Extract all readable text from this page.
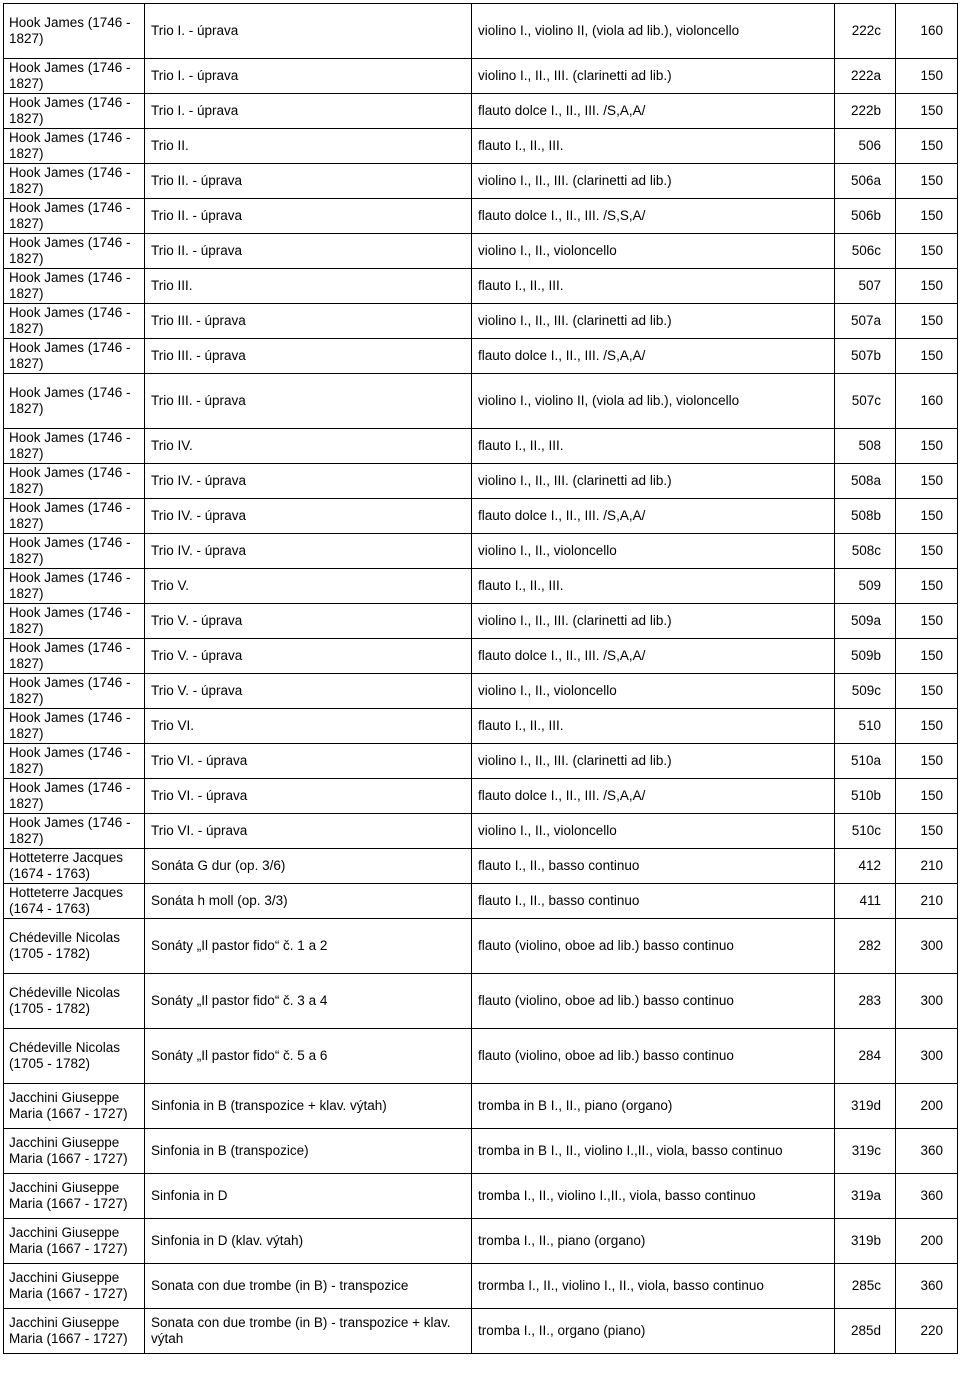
Hook James (1746 - 1827)	Trio I. - úprava	violino I., violino II, (viola ad lib.), violoncello	222c	160
Hook James (1746 - 1827)	Trio I. - úprava	violino I., II., III. (clarinetti ad lib.)	222a	150
Hook James (1746 - 1827)	Trio I. - úprava	flauto dolce I., II., III. /S,A,A/	222b	150
Hook James (1746 - 1827)	Trio II.	flauto I., II., III.	506	150
Hook James (1746 - 1827)	Trio II. - úprava	violino I., II., III. (clarinetti ad lib.)	506a	150
Hook James (1746 - 1827)	Trio II. - úprava	flauto dolce I., II., III. /S,S,A/	506b	150
Hook James (1746 - 1827)	Trio II. - úprava	violino I., II., violoncello	506c	150
Hook James (1746 - 1827)	Trio III.	flauto I., II., III.	507	150
Hook James (1746 - 1827)	Trio III. - úprava	violino I., II., III. (clarinetti ad lib.)	507a	150
Hook James (1746 - 1827)	Trio III. - úprava	flauto dolce I., II., III. /S,A,A/	507b	150
Hook James (1746 - 1827)	Trio III. - úprava	violino I., violino II, (viola ad lib.), violoncello	507c	160
Hook James (1746 - 1827)	Trio IV.	flauto I., II., III.	508	150
Hook James (1746 - 1827)	Trio IV. - úprava	violino I., II., III. (clarinetti ad lib.)	508a	150
Hook James (1746 - 1827)	Trio IV. - úprava	flauto dolce I., II., III. /S,A,A/	508b	150
Hook James (1746 - 1827)	Trio IV. - úprava	violino I., II., violoncello	508c	150
Hook James (1746 - 1827)	Trio V.	flauto I., II., III.	509	150
Hook James (1746 - 1827)	Trio V. - úprava	violino I., II., III. (clarinetti ad lib.)	509a	150
Hook James (1746 - 1827)	Trio V. - úprava	flauto dolce I., II., III. /S,A,A/	509b	150
Hook James (1746 - 1827)	Trio V. - úprava	violino I., II., violoncello	509c	150
Hook James (1746 - 1827)	Trio VI.	flauto I., II., III.	510	150
Hook James (1746 - 1827)	Trio VI. - úprava	violino I., II., III. (clarinetti ad lib.)	510a	150
Hook James (1746 - 1827)	Trio VI. - úprava	flauto dolce I., II., III. /S,A,A/	510b	150
Hook James (1746 - 1827)	Trio VI. - úprava	violino I., II., violoncello	510c	150
Hotteterre Jacques (1674 - 1763)	Sonáta G dur (op. 3/6)	flauto I., II., basso continuo	412	210
Hotteterre Jacques (1674 - 1763)	Sonáta h moll (op. 3/3)	flauto I., II., basso continuo	411	210
Chédeville Nicolas (1705 - 1782)	Sonáty „Il pastor fido“ č. 1 a 2	flauto (violino, oboe ad lib.) basso continuo	282	300
Chédeville Nicolas (1705 - 1782)	Sonáty „Il pastor fido“ č. 3 a 4	flauto (violino, oboe ad lib.) basso continuo	283	300
Chédeville Nicolas (1705 - 1782)	Sonáty „Il pastor fido“ č. 5 a 6	flauto (violino, oboe ad lib.) basso continuo	284	300
Jacchini Giuseppe Maria (1667 - 1727)	Sinfonia in B (transpozice + klav. výtah)	tromba in B I., II., piano (organo)	319d	200
Jacchini Giuseppe Maria (1667 - 1727)	Sinfonia in B (transpozice)	tromba in B I., II., violino I.,II., viola, basso continuo	319c	360
Jacchini Giuseppe Maria (1667 - 1727)	Sinfonia in D	tromba I., II., violino I.,II., viola, basso continuo	319a	360
Jacchini Giuseppe Maria (1667 - 1727)	Sinfonia in D (klav. výtah)	tromba I., II., piano (organo)	319b	200
Jacchini Giuseppe Maria (1667 - 1727)	Sonata con due trombe (in B) - transpozice	trormba I., II., violino I., II., viola, basso continuo	285c	360
Jacchini Giuseppe Maria (1667 - 1727)	Sonata con due trombe (in B) - transpozice + klav. výtah	tromba I., II., organo (piano)	285d	220
